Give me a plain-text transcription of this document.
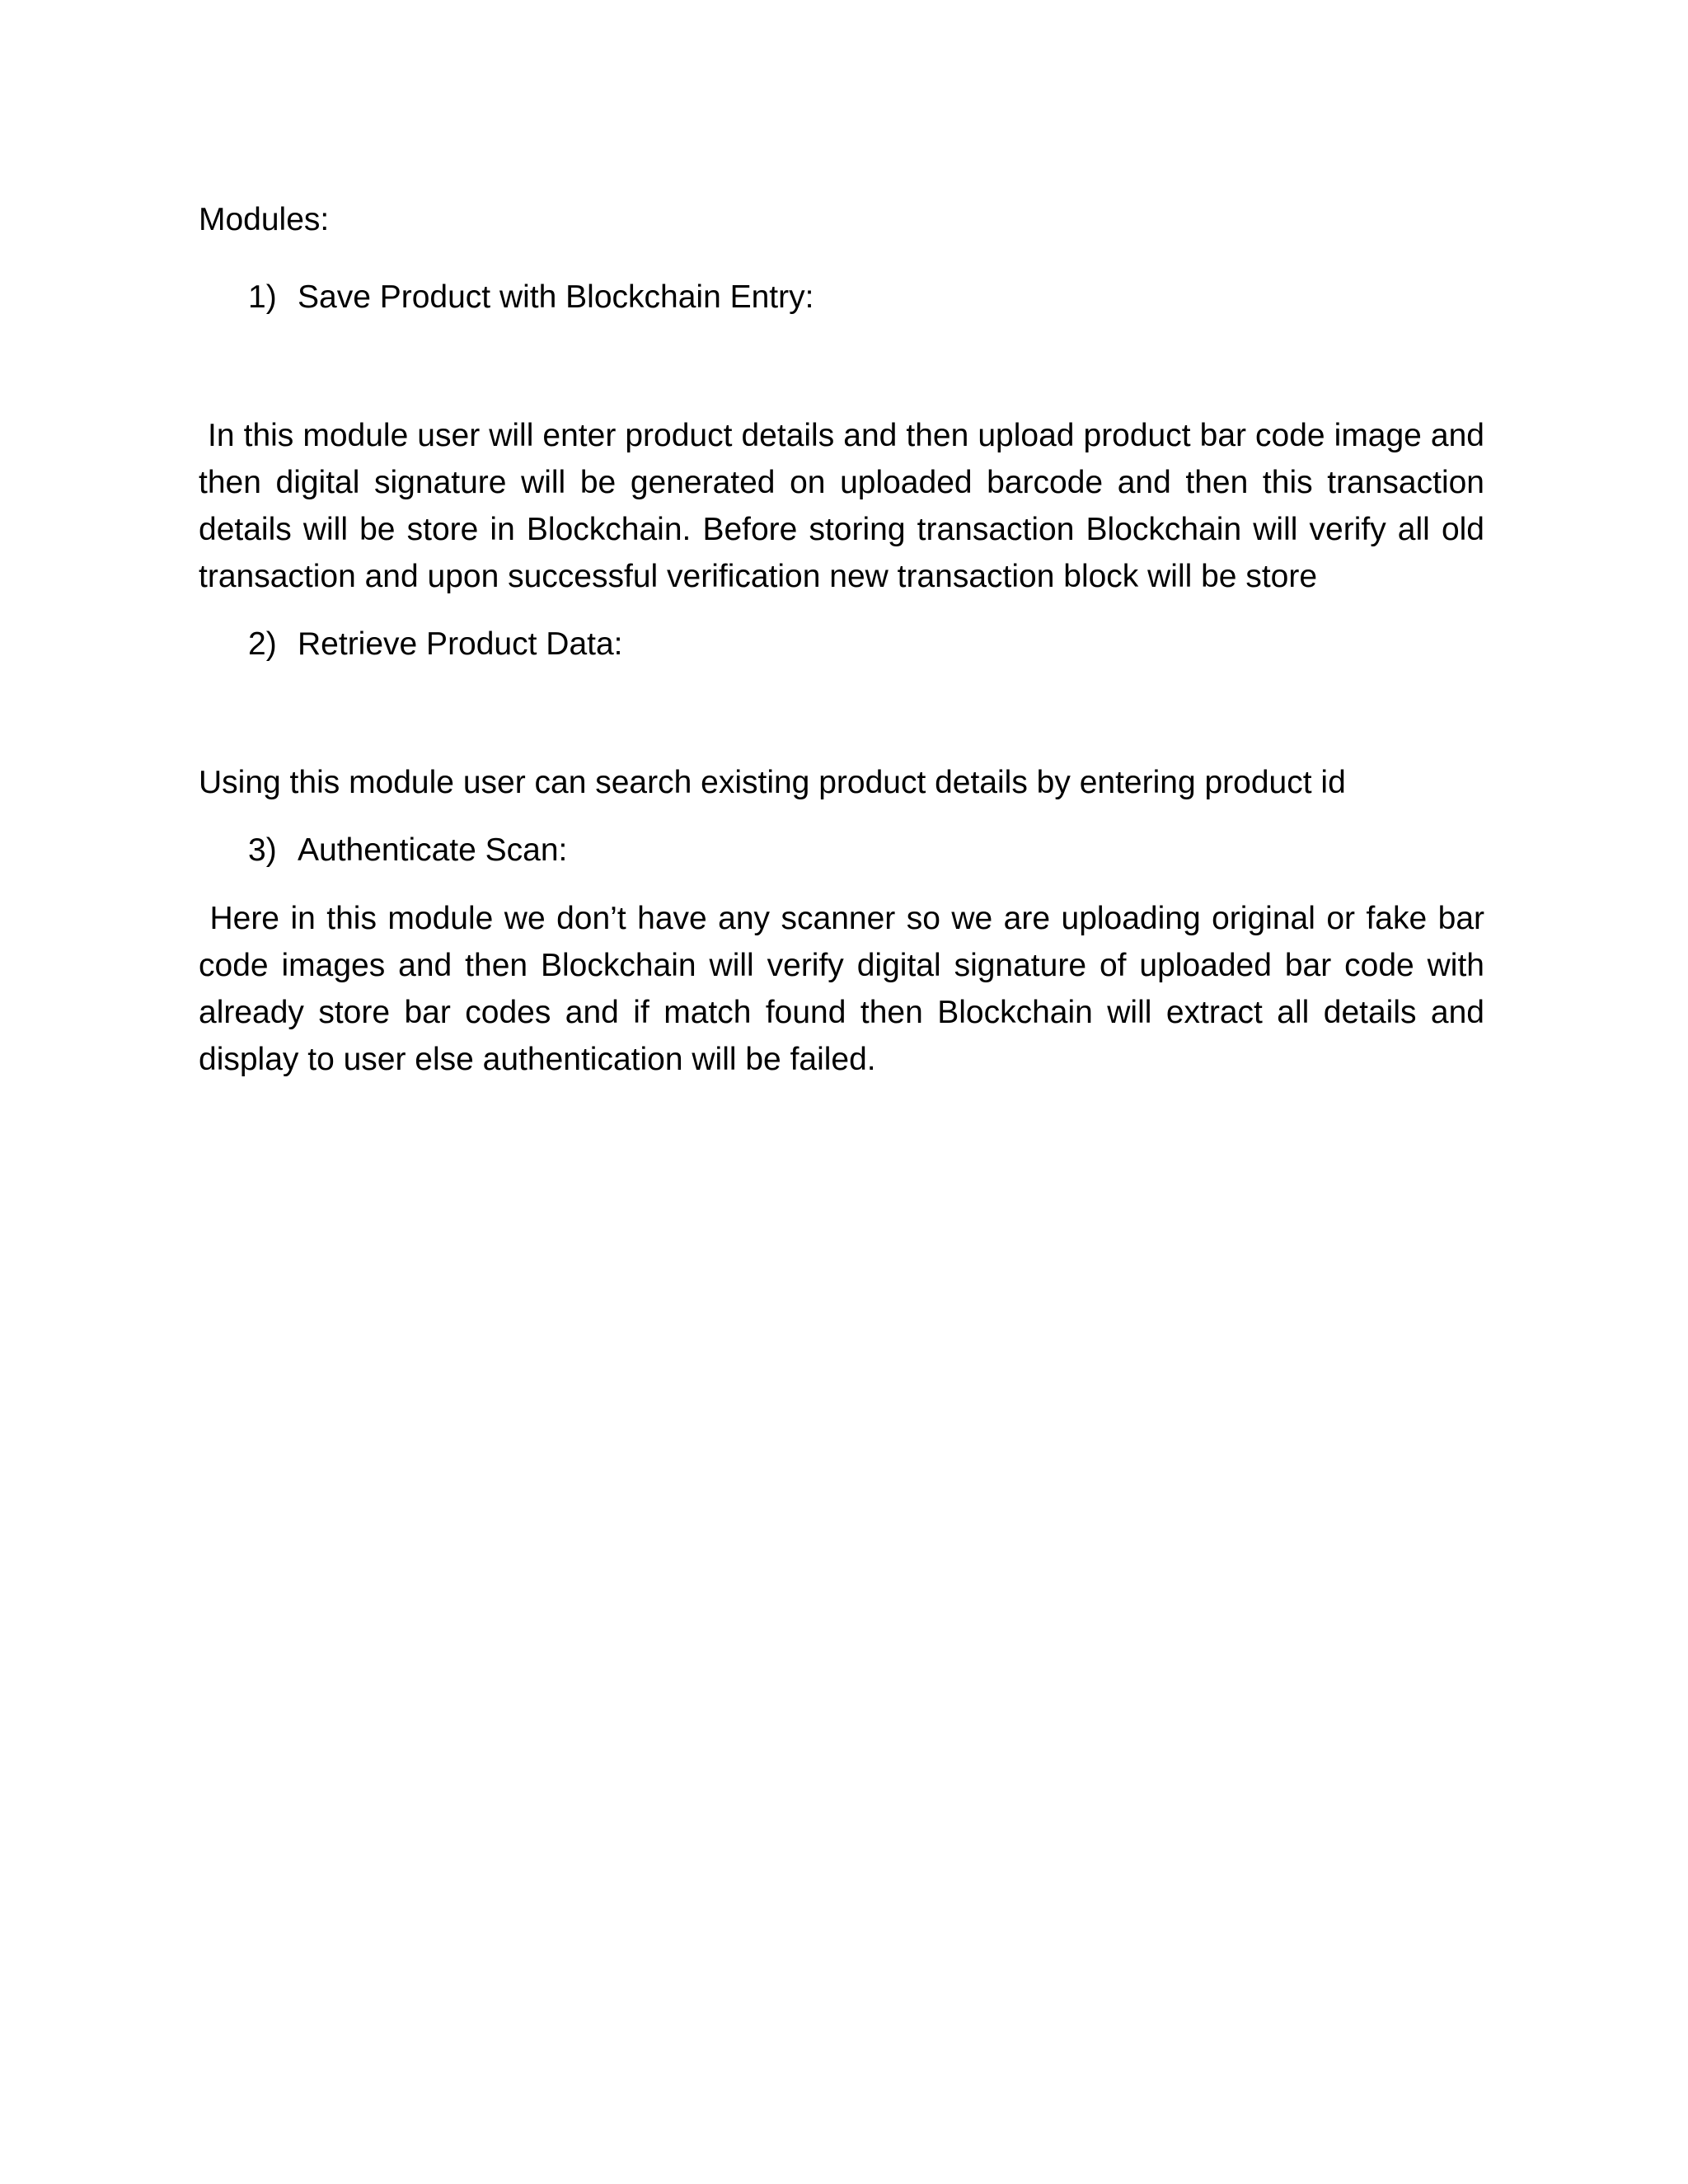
Modules:

1) Save Product with Blockchain Entry:

In this module user will enter product details and then upload product bar code image and then digital signature will be generated on uploaded barcode and then this transaction details will be store in Blockchain. Before storing transaction Blockchain will verify all old transaction and upon successful verification new transaction block will be store

2) Retrieve Product Data:

Using this module user can search existing product details by entering product id

3) Authenticate Scan:

Here in this module we don’t have any scanner so we are uploading original or fake bar code images and then Blockchain will verify digital signature of uploaded bar code with already store bar codes and if match found then Blockchain will extract all details and display to user else authentication will be failed.
